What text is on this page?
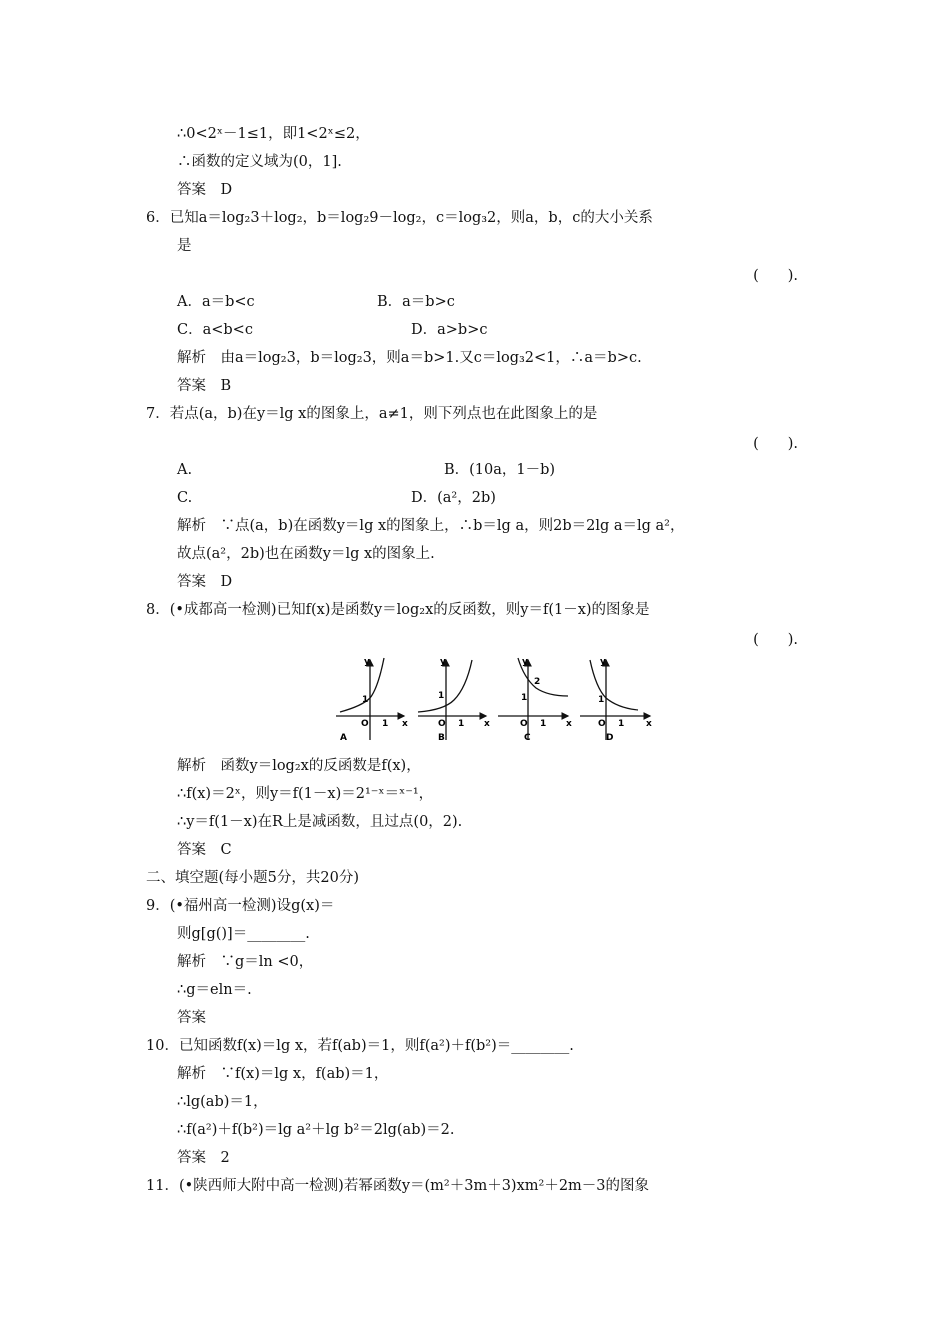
∴0<2ˣ－1≤1，即1<2ˣ≤2，
∴函数的定义域为(0，1].
答案　D
6．已知a＝log₂3＋log₂，b＝log₂9－log₂，c＝log₃2，则a，b，c的大小关系
是
(　　).
A．a＝b<c	B．a＝b>c
C．a<b<c	D．a>b>c
解析　由a＝log₂3，b＝log₂3，则a＝b>1.又c＝log₃2<1，∴a＝b>c.
答案　B
7．若点(a，b)在y＝lg x的图象上，a≠1，则下列点也在此图象上的是
(　　).
A.	B．(10a，1－b)
C.	D．(a²，2b)
解析　∵点(a，b)在函数y＝lg x的图象上，∴b＝lg a，则2b＝2lg a＝lg a²，
故点(a²，2b)也在函数y＝lg x的图象上.
答案　D
8．(•成都高一检测)已知f(x)是函数y＝log₂x的反函数，则y＝f(1－x)的图象是
(　　).
y
x
O
1
1
A
y
x
O
1
1
B
y
x
O
1
2
1
C
y
x
O
1
1
D
解析　函数y＝log₂x的反函数是f(x)，
∴f(x)＝2ˣ，则y＝f(1－x)＝2¹⁻ˣ＝ˣ⁻¹，
∴y＝f(1－x)在R上是减函数，且过点(0，2).
答案　C
二、填空题(每小题5分，共20分)
9．(•福州高一检测)设g(x)＝
则g[g()]＝________.
解析　∵g＝ln <0，
∴g＝eln＝.
答案
10．已知函数f(x)＝lg x，若f(ab)＝1，则f(a²)＋f(b²)＝________.
解析　∵f(x)＝lg x，f(ab)＝1，
∴lg(ab)＝1，
∴f(a²)＋f(b²)＝lg a²＋lg b²＝2lg(ab)＝2.
答案　2
11．(•陕西师大附中高一检测)若幂函数y＝(m²＋3m＋3)xm²＋2m－3的图象
